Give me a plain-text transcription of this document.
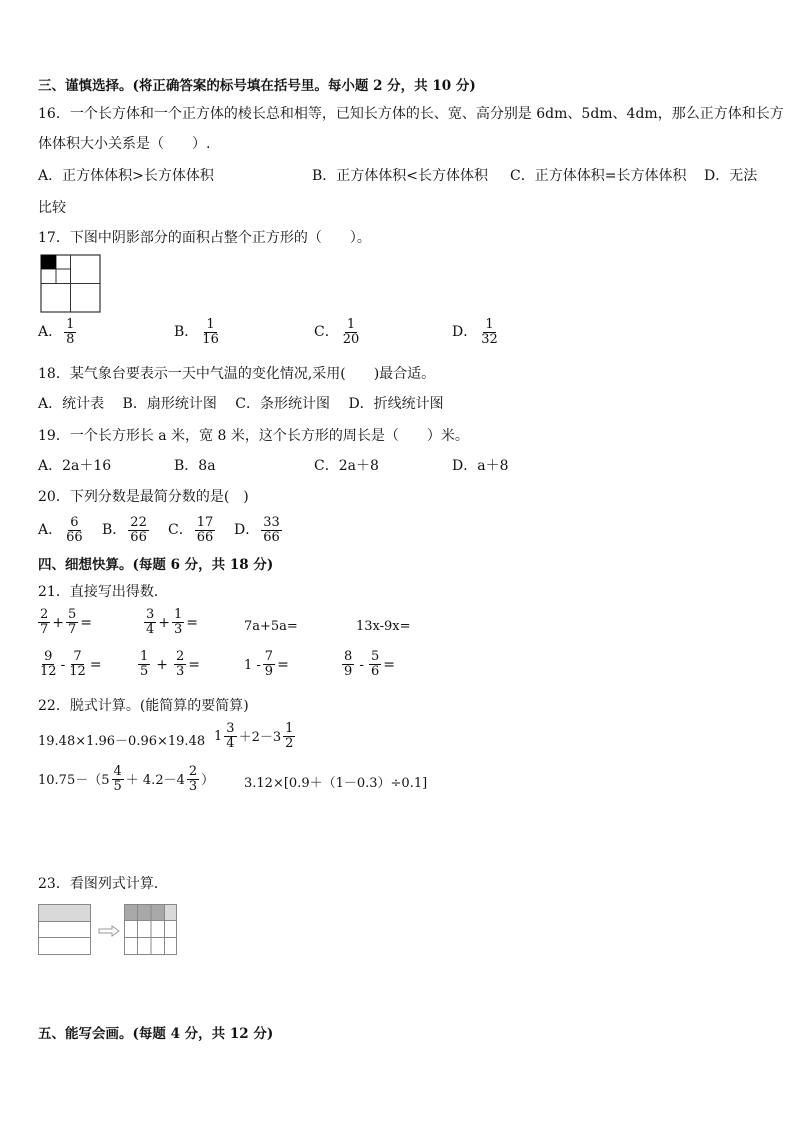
三、谨慎选择。(将正确答案的标号填在括号里。每小题 2 分，共 10 分)
16．一个长方体和一个正方体的棱长总和相等，已知长方体的长、宽、高分别是 6dm、5dm、4dm，那么正方体和长方
体体积大小关系是（　　）.
A．正方体体积>长方体体积	B．正方体体积<长方体体积 C．正方体体积=长方体体积 D．无法
比较
17．下图中阴影部分的面积占整个正方形的（　　）。
A． $\frac{1}{8}$	B． $\frac{1}{16}$	C． $\frac{1}{20}$	D． $\frac{1}{32}$
18．某气象台要表示一天中气温的变化情况,采用(　　)最合适。
A．统计表　 B．扇形统计图　 C．条形统计图　 D．折线统计图
19．一个长方形长 a 米，宽 8 米，这个长方形的周长是（　　）米。
A．2a＋16	B．8a	C．2a＋8	D．a＋8
20．下列分数是最简分数的是(　)
A． $\frac{6}{66}$ B． $\frac{22}{66}$ C． $\frac{17}{66}$ D． $\frac{33}{66}$
四、细想快算。(每题 6 分，共 18 分)
21．直接写出得数．
$\frac{2}{7} + \frac{5}{7}$ =	$\frac{3}{4} + \frac{1}{3}$ =	7a+5a=	13x-9x=
$\frac{9}{12} - \frac{7}{12}$ =	$\frac{1}{5} + \frac{2}{3}$ =	$1 - \frac{7}{9}$ =	$\frac{8}{9} - \frac{5}{6}$ =
22．脱式计算。(能简算的要简算)
19.48×1.96－0.96×19.48 $1 \frac{3}{4} +2-3 \frac{1}{2}$
$10.75-(5 \frac{4}{5} + 4.2-4 \frac{2}{3}$ ） 3.12×[0.9＋（1－0.3）÷0.1]
23．看图列式计算．
五、能写会画。(每题 4 分，共 12 分)
